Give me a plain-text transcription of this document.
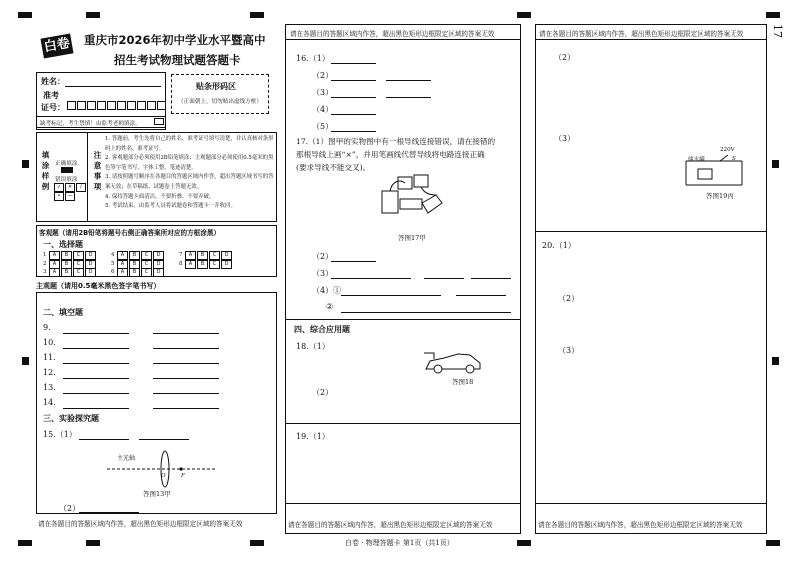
17
白卷 重庆市2026年初中学业水平暨高中
招生考试物理试题答题卡
姓名：
准考
证号：
贴条形码区
（正面朝上，切勿贴出虚线方框）
缺考标记，考生禁填！由监考老师填涂。
填涂样例 正确填涂
错误填涂
✓ ✕ /
• —
注意事项
1. 答题前，考生先将自己的姓名、准考证号填写清楚，并认真核对条形码上的姓名、准考证号。
2. 客观题部分必须使用2B铅笔填涂；主观题部分必须使用0.5毫米的黑色签字笔书写，字体工整、笔迹清楚。
3. 请按照题号顺序在各题目的答题区域内作答，超出答题区域书写的答案无效；在草稿纸、试题卷上答题无效。
4. 保持答题卡面清洁，不要折叠、不要弄破。
5. 考试结束，由监考人员将试题卷和答题卡一并收回。
客观题（请用2B铅笔将题号右侧正确答案所对应的方框涂黑）
一、选择题
1 A B C D
2 A B C D
3 A B C D
4 A B C D
5 A B C D
6 A B C D
7 A B C D
8 A B C D
主观题（请用0.5毫米黑色签字笔书写）
二、填空题
9.
10.
11.
12.
13.
14.
三、实验探究题
15.（1）
主光轴
O	F
答图13甲
（2）
请在各题目的答题区域内作答，超出黑色矩形边框限定区域的答案无效
请在各题目的答题区域内作答，超出黑色矩形边框限定区域的答案无效
16.（1）
（2）
（3）
（4）
（5）
17.（1）图甲的实物图中有一根导线连接错误，请在接错的
那根导线上画“×”，并用笔画线代替导线将电路连接正确
(要求导线不能交叉)。
答图17甲
（2）
（3）
（4）①
②
四、综合应用题
18.（1）
答图18
（2）
19.（1）
请在各题目的答题区域内作答，超出黑色矩形边框限定区域的答案无效
请在各题目的答题区域内作答，超出黑色矩形边框限定区域的答案无效
（2）
（3）
220V
S
储水罐
答图19丙
20.（1）
（2）
（3）
请在各题目的答题区域内作答，超出黑色矩形边框限定区域的答案无效
白卷 · 物理答题卡 第1页（共1页）
